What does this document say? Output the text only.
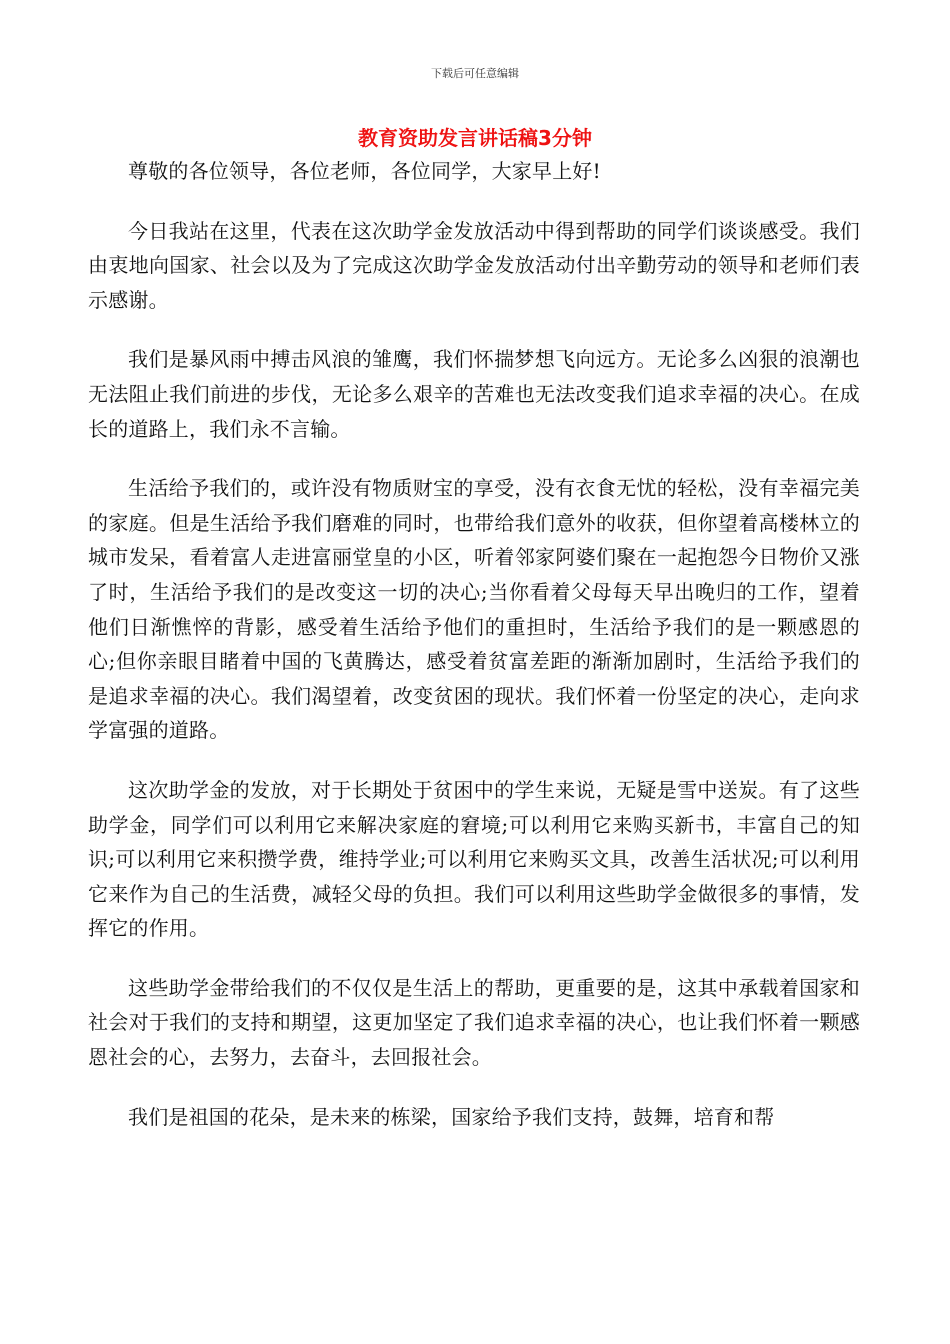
下载后可任意编辑
教育资助发言讲话稿3分钟

尊敬的各位领导，各位老师，各位同学，大家早上好!

今日我站在这里，代表在这次助学金发放活动中得到帮助的同学们谈谈感受。我们由衷地向国家、社会以及为了完成这次助学金发放活动付出辛勤劳动的领导和老师们表示感谢。

我们是暴风雨中搏击风浪的雏鹰，我们怀揣梦想飞向远方。无论多么凶狠的浪潮也无法阻止我们前进的步伐，无论多么艰辛的苦难也无法改变我们追求幸福的决心。在成长的道路上，我们永不言输。

生活给予我们的，或许没有物质财宝的享受，没有衣食无忧的轻松，没有幸福完美的家庭。但是生活给予我们磨难的同时，也带给我们意外的收获，但你望着高楼林立的城市发呆，看着富人走进富丽堂皇的小区，听着邻家阿婆们聚在一起抱怨今日物价又涨了时，生活给予我们的是改变这一切的决心;当你看着父母每天早出晚归的工作，望着他们日渐憔悴的背影，感受着生活给予他们的重担时，生活给予我们的是一颗感恩的心;但你亲眼目睹着中国的飞黄腾达，感受着贫富差距的渐渐加剧时，生活给予我们的是追求幸福的决心。我们渴望着，改变贫困的现状。我们怀着一份坚定的决心，走向求学富强的道路。

这次助学金的发放，对于长期处于贫困中的学生来说，无疑是雪中送炭。有了这些助学金，同学们可以利用它来解决家庭的窘境;可以利用它来购买新书，丰富自己的知识;可以利用它来积攒学费，维持学业;可以利用它来购买文具，改善生活状况;可以利用它来作为自己的生活费，减轻父母的负担。我们可以利用这些助学金做很多的事情，发挥它的作用。

这些助学金带给我们的不仅仅是生活上的帮助，更重要的是，这其中承载着国家和社会对于我们的支持和期望，这更加坚定了我们追求幸福的决心，也让我们怀着一颗感恩社会的心，去努力，去奋斗，去回报社会。

我们是祖国的花朵，是未来的栋梁，国家给予我们支持，鼓舞，培育和帮
